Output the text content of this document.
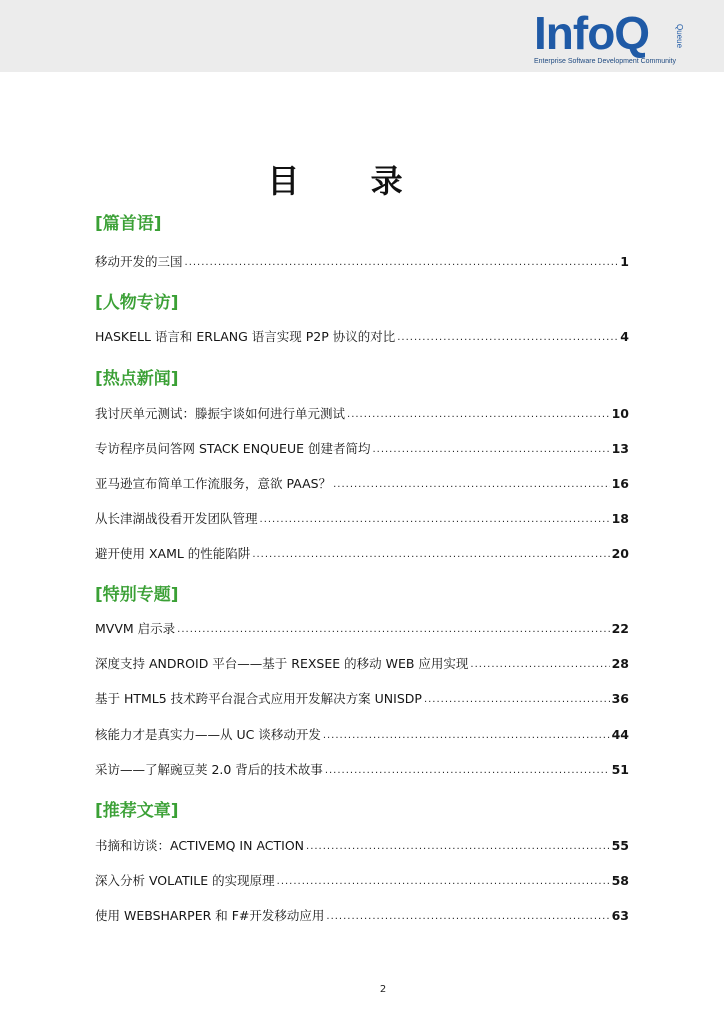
InfoQ	Queue
Enterprise Software Development Community
目 录
[篇首语]
移动开发的三国 .....	1
[人物专访]
HASKELL 语言和 ERLANG 语言实现 P2P 协议的对比 .....	4
[热点新闻]
我讨厌单元测试：滕振宇谈如何进行单元测试 .....	10
专访程序员问答网 STACK ENQUEUE 创建者简均 .....	13
亚马逊宣布简单工作流服务，意欲 PAAS？ .....	16
从长津湖战役看开发团队管理 .....	18
避开使用 XAML 的性能陷阱 .....	20
[特别专题]
MVVM 启示录 .....	22
深度支持 ANDROID 平台——基于 REXSEE 的移动 WEB 应用实现 .....	28
基于 HTML5 技术跨平台混合式应用开发解决方案 UNISDP .....	36
核能力才是真实力——从 UC 谈移动开发 .....	44
采访——了解豌豆荚 2.0 背后的技术故事 .....	51
[推荐文章]
书摘和访谈：ACTIVEMQ IN ACTION .....	55
深入分析 VOLATILE 的实现原理 .....	58
使用 WEBSHARPER 和 F#开发移动应用 .....	63
2
